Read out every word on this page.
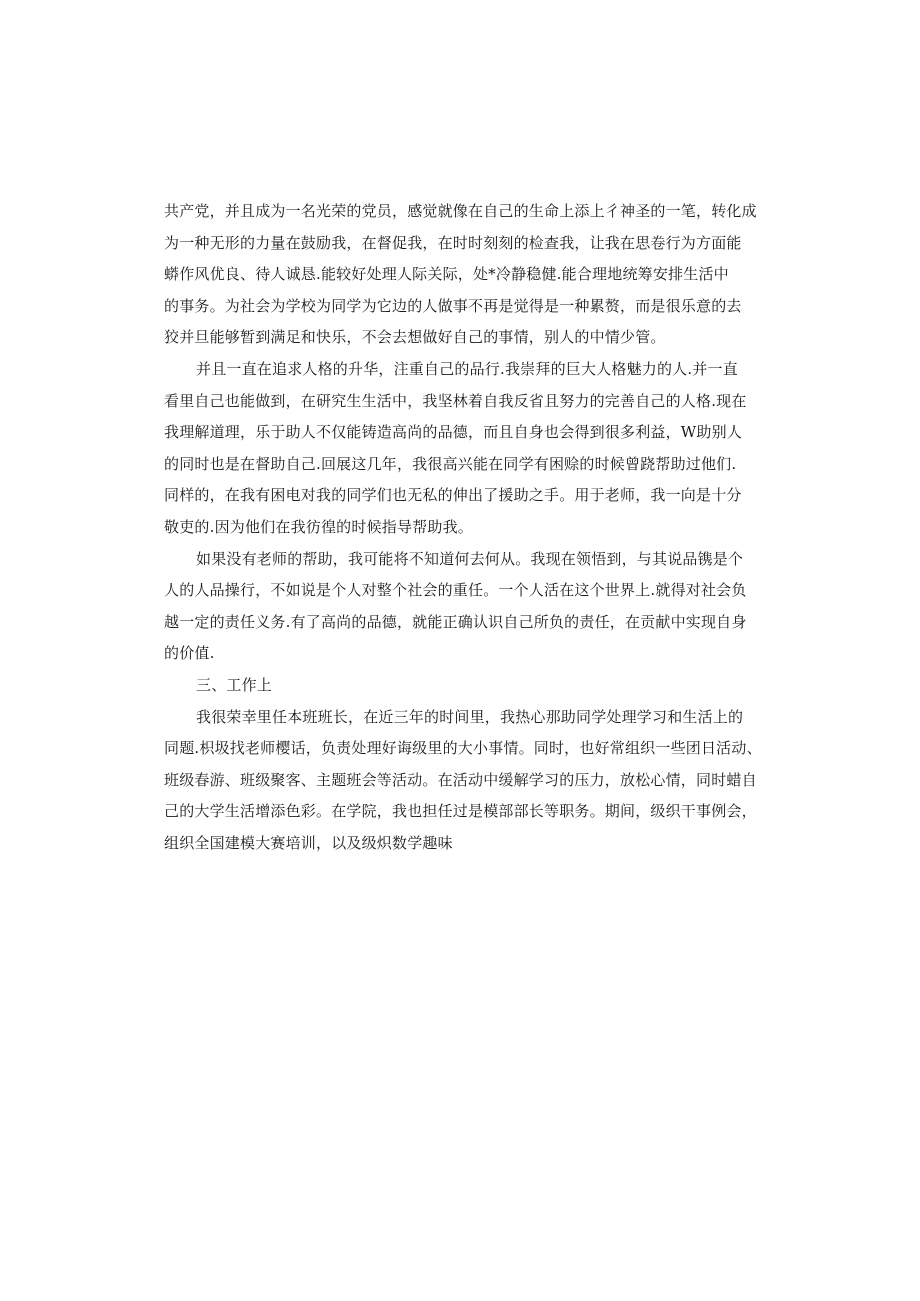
共产党，并且成为一名光荣的党员，感觉就像在自己的生命上添上彳神圣的一笔，转化成
为一种无形的力量在鼓励我，在督促我，在时时刻刻的检查我，让我在思卷行为方面能
蟒作风优良、待人诚恳.能较好处理人际关际，处*冷静稳健.能合理地统筹安排生活中
的事务。为社会为学校为同学为它边的人做事不再是觉得是一种累赘，而是很乐意的去
狡并旦能够暂到满足和快乐，不会去想做好自己的事情，别人的中情少管。
并且一直在追求人格的升华，注重自己的品行.我崇拜的巨大人格魅力的人.并一直
看里自己也能做到，在研究生生活中，我坚林着自我反省且努力的完善自己的人格.现在
我理解道理，乐于助人不仅能铸造高尚的品德，而且自身也会得到很多利益，W助别人
的同时也是在督助自己.回展这几年，我很高兴能在同学有困赊的时候曾跷帮助过他们.
同样的，在我有困电对我的同学们也无私的伸出了援助之手。用于老师，我一向是十分
敬吏的.因为他们在我彷徨的时候指导帮助我。
如果没有老师的帮助，我可能将不知道何去何从。我现在领悟到，与其说品镌是个
人的人品操行，不如说是个人对整个社会的重任。一个人活在这个世界上.就得对社会负
越一定的责任义务.有了高尚的品德，就能正确认识自己所负的责任，在贡献中实现自身
的价值.
三、工作上
我很荣幸里任本班班长，在近三年的时间里，我热心那助同学处理学习和生活上的
同题.枳圾找老师樱话，负责处理好诲级里的大小事情。同时，也好常组织一些团日活动、
班级春游、班级聚客、主题班会等活动。在活动中缓解学习的压力，放松心情，同时蜡自
己的大学生活增添色彩。在学院，我也担任过是模部部长等职务。期间，级织干事例会，
组织全国建模大赛培训，以及级炽数学趣味
